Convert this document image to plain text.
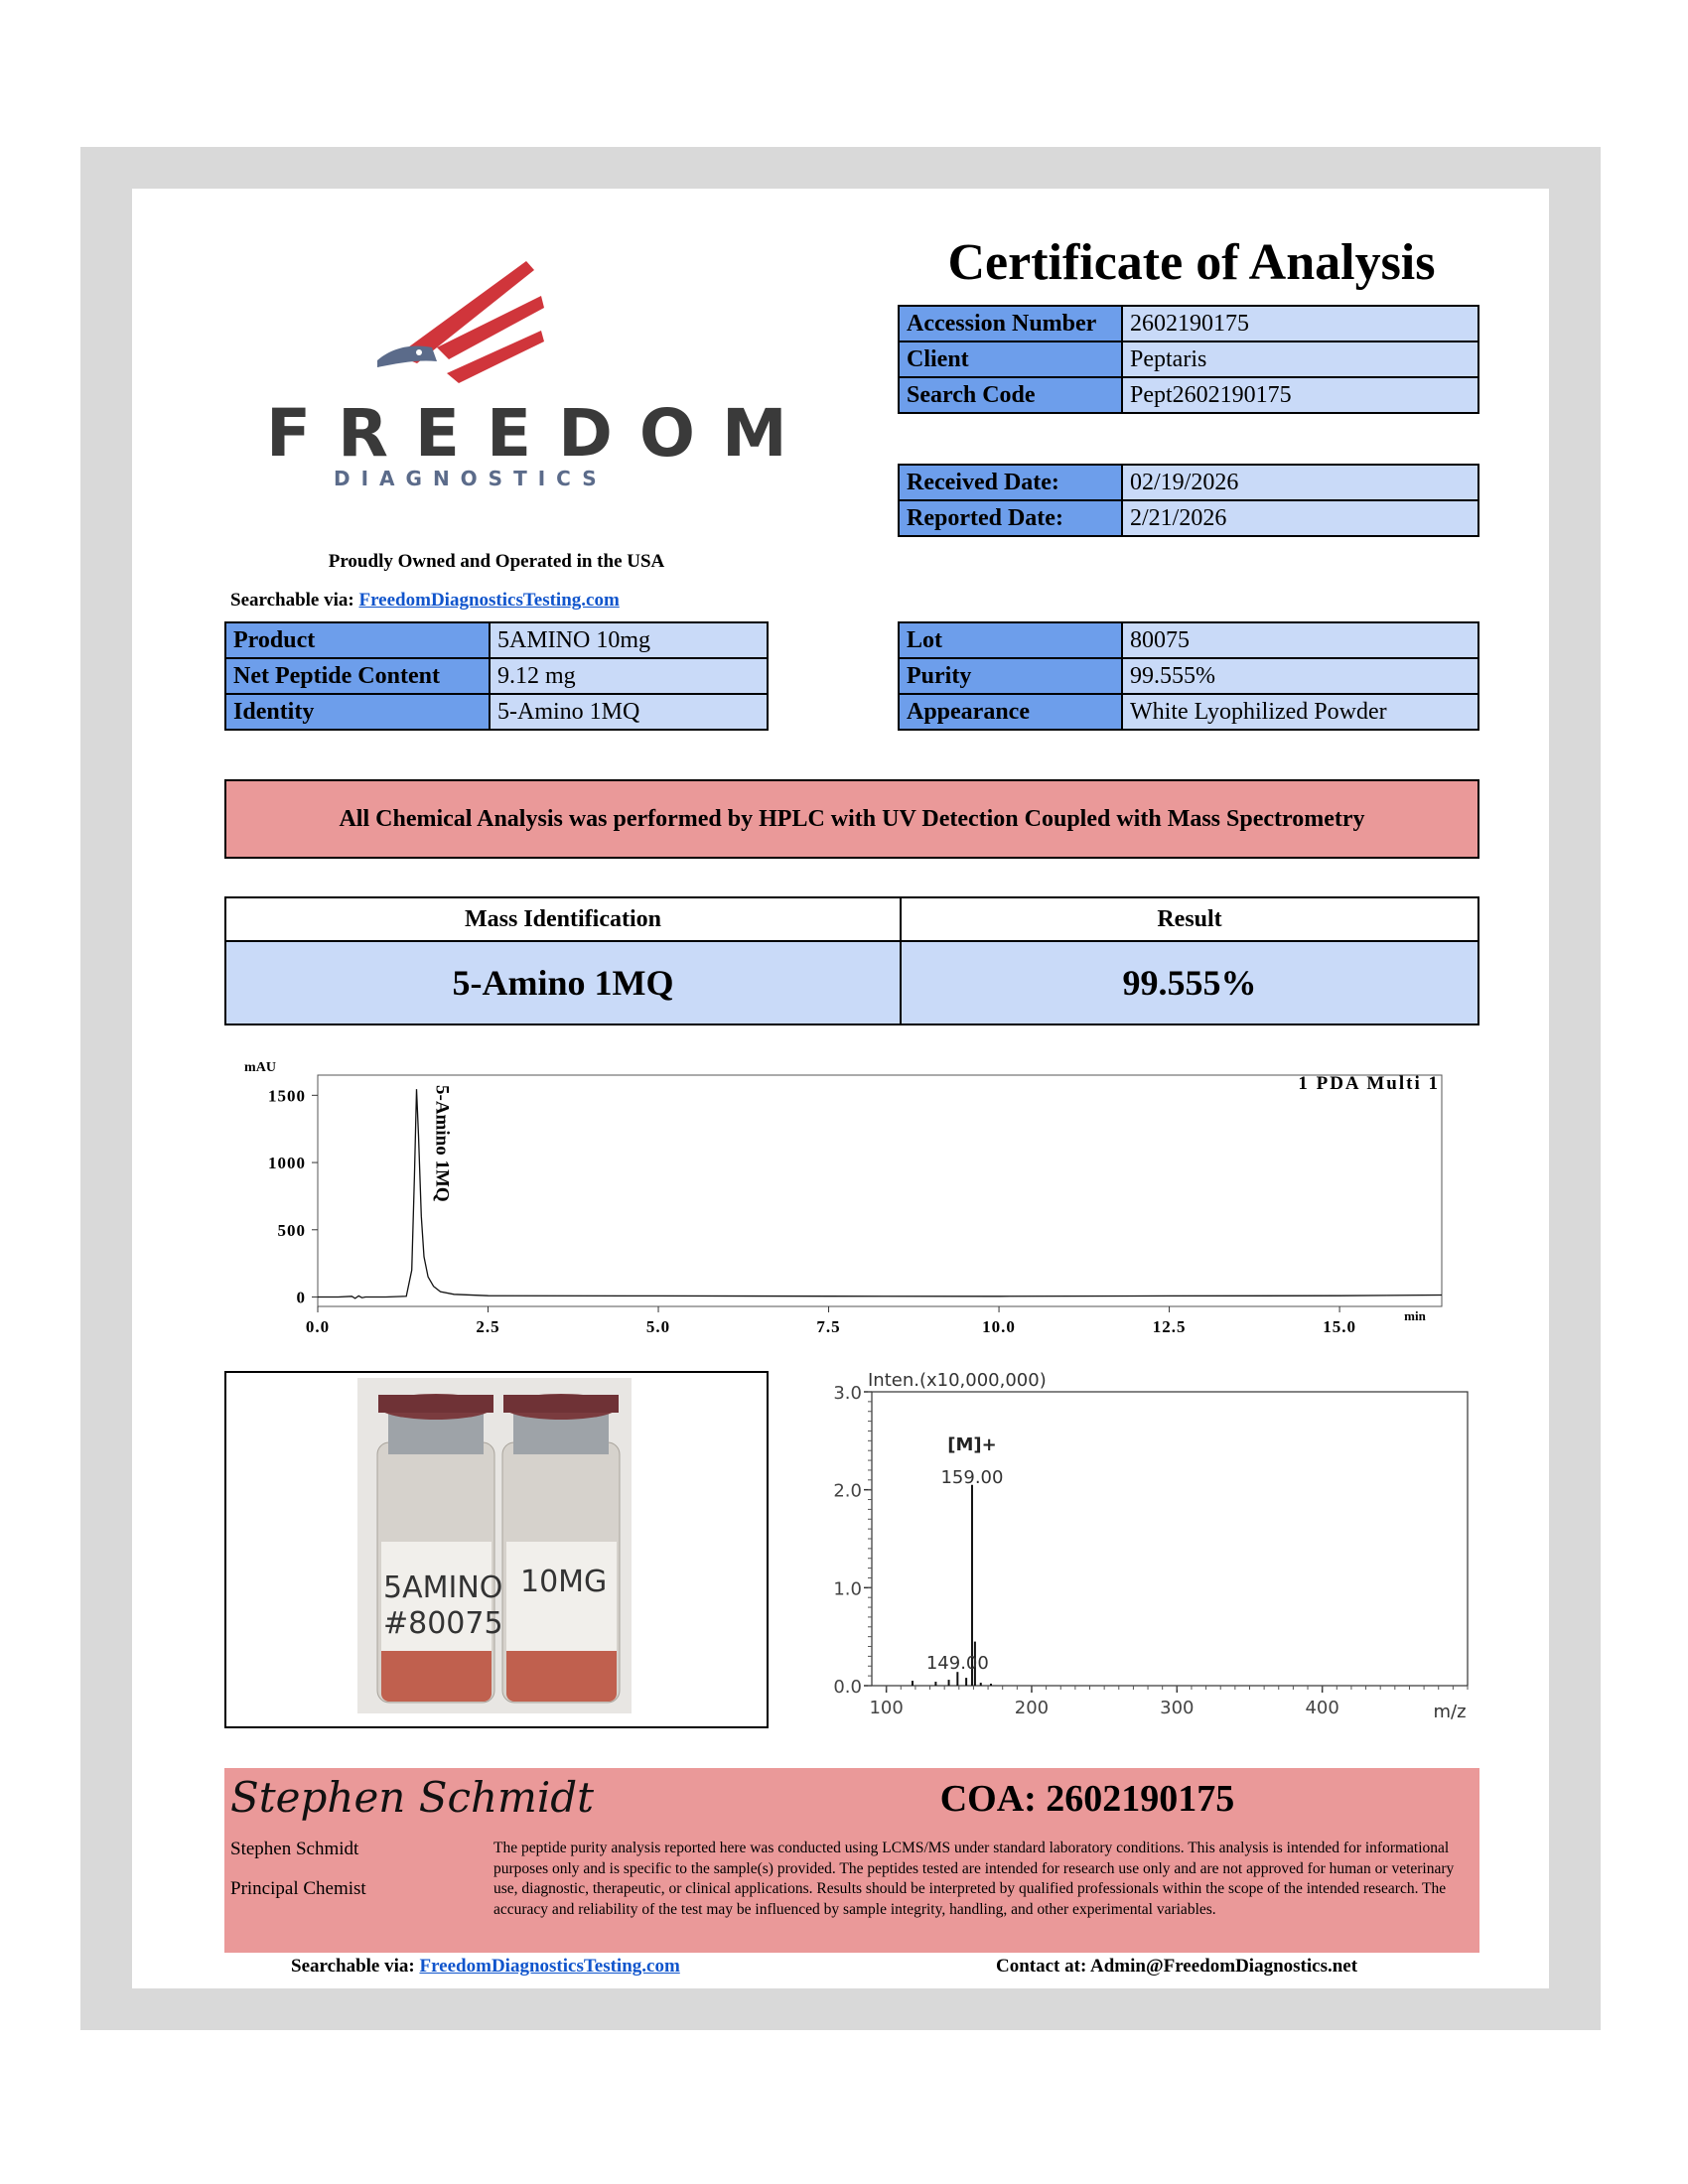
FREEDOM
DIAGNOSTICS
Proudly Owned and Operated in the USA
Searchable via: FreedomDiagnosticsTesting.com
Certificate of Analysis
Accession Number	2602190175
Client	Peptaris
Search Code	Pept2602190175
Received Date:	02/19/2026
Reported Date:	2/21/2026
Product	5AMINO 10mg
Net Peptide Content	9.12 mg
Identity	5-Amino 1MQ
Lot	80075
Purity	99.555%
Appearance	White Lyophilized Powder
All Chemical Analysis was performed by HPLC with UV Detection Coupled with Mass Spectrometry
Mass Identification	Result
5-Amino 1MQ	99.555%
mAU
1 PDA Multi 1
min
0.0	2.5	5.0	7.5	10.0	12.5	15.0
0
500
1000
1500	5-Amino 1MQ
5AMINO
#80075
10MG
Inten.(x10,000,000)
m/z
0.0
1.0
2.0
3.0
100	200	300	400
[M]+
159.00
149.00
Stephen Schmidt	COA: 2602190175
Stephen Schmidt
Principal Chemist
The peptide purity analysis reported here was conducted using LCMS/MS under standard laboratory conditions. This analysis is intended for informational purposes only and is specific to the sample(s) provided. The peptides tested are intended for research use only and are not approved for human or veterinary use, diagnostic, therapeutic, or clinical applications. Results should be interpreted by qualified professionals within the scope of the intended research. The accuracy and reliability of the test may be influenced by sample integrity, handling, and other experimental variables.
Searchable via: FreedomDiagnosticsTesting.com	Contact at: Admin@FreedomDiagnostics.net
